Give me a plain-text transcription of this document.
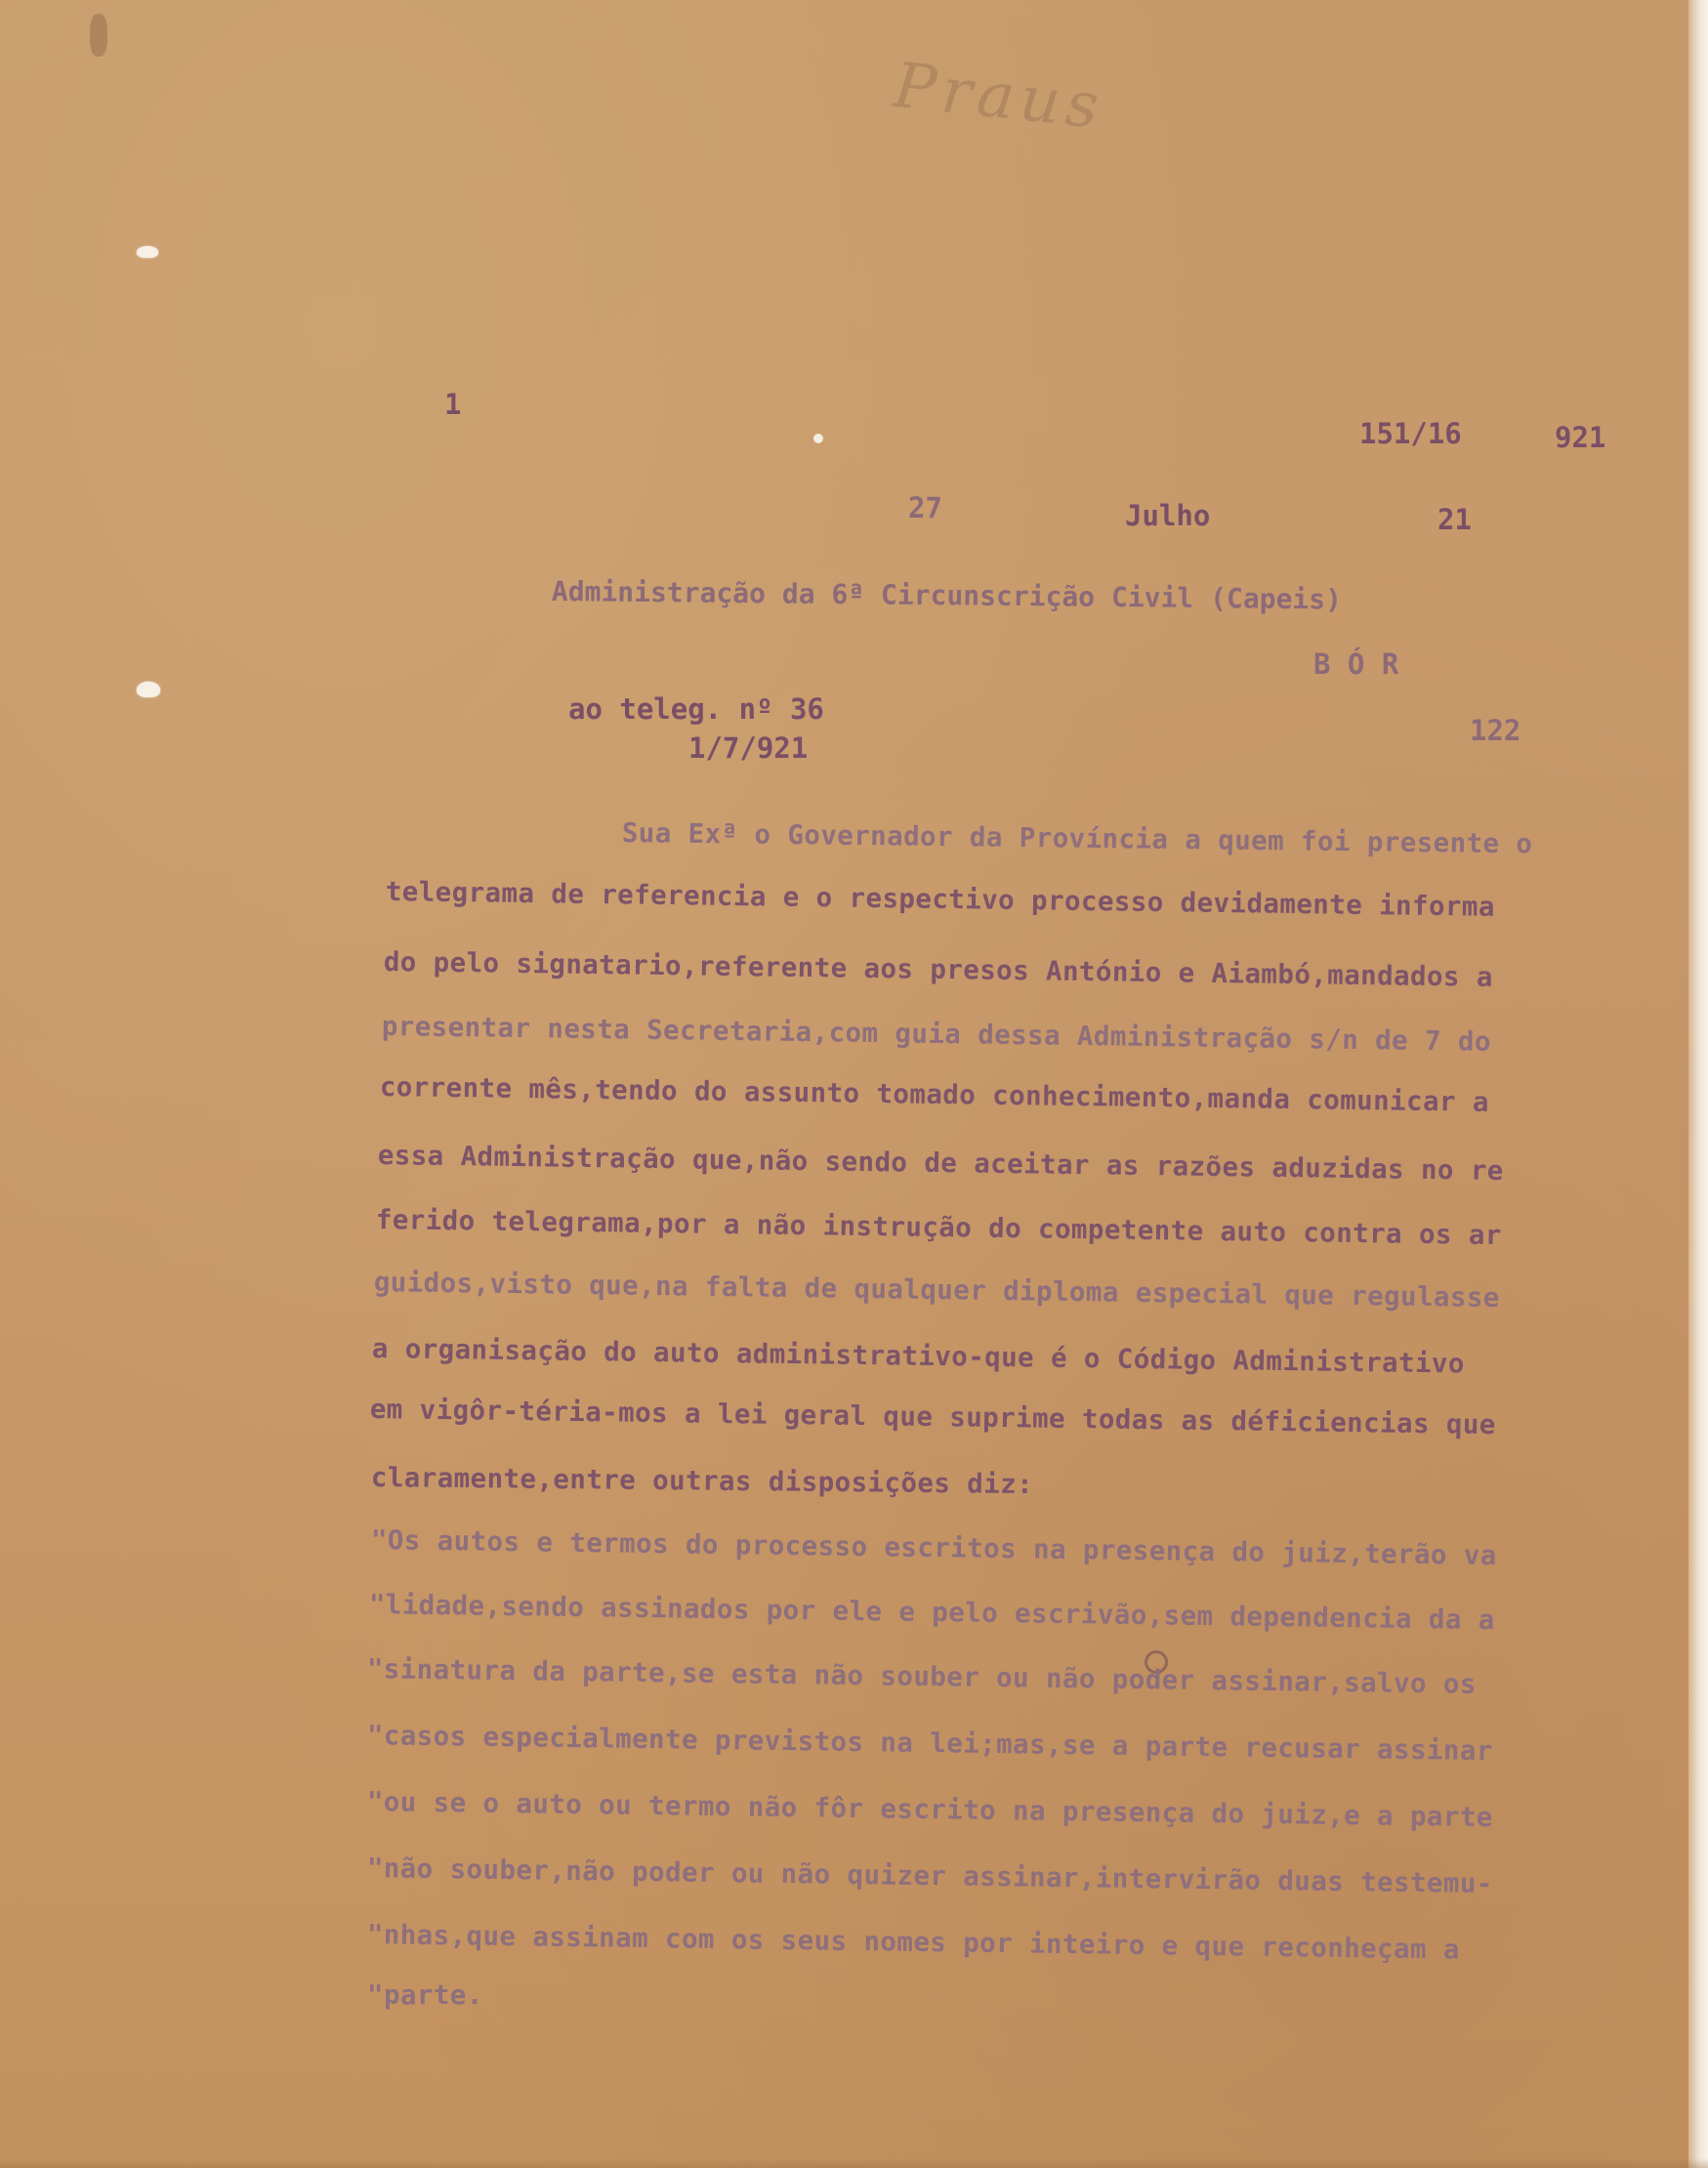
Praus
1
151/16	921
27	Julho	21
Administração da 6ª Circunscrição Civil (Capeis)
B Ó R
ao teleg. nº 36
1/7/921
122
Sua Exª o Governador da Província a quem foi presente o
telegrama de referencia e o respectivo processo devidamente informa
do pelo signatario,referente aos presos António e Aiambó,mandados a
presentar nesta Secretaria,com guia dessa Administração s/n de 7 do
corrente mês,tendo do assunto tomado conhecimento,manda comunicar a
essa Administração que,não sendo de aceitar as razões aduzidas no re
ferido telegrama,por a não instrução do competente auto contra os ar
guidos,visto que,na falta de qualquer diploma especial que regulasse
a organisação do auto administrativo-que é o Código Administrativo
em vigôr-téria-mos a lei geral que suprime todas as déficiencias que
claramente,entre outras disposições diz:
"Os autos e termos do processo escritos na presença do juiz,terão va
"lidade,sendo assinados por ele e pelo escrivão,sem dependencia da a
"sinatura da parte,se esta não souber ou não poder assinar,salvo os
"casos especialmente previstos na lei;mas,se a parte recusar assinar
"ou se o auto ou termo não fôr escrito na presença do juiz,e a parte
"não souber,não poder ou não quizer assinar,intervirão duas testemu-
"nhas,que assinam com os seus nomes por inteiro e que reconheçam a
"parte.
